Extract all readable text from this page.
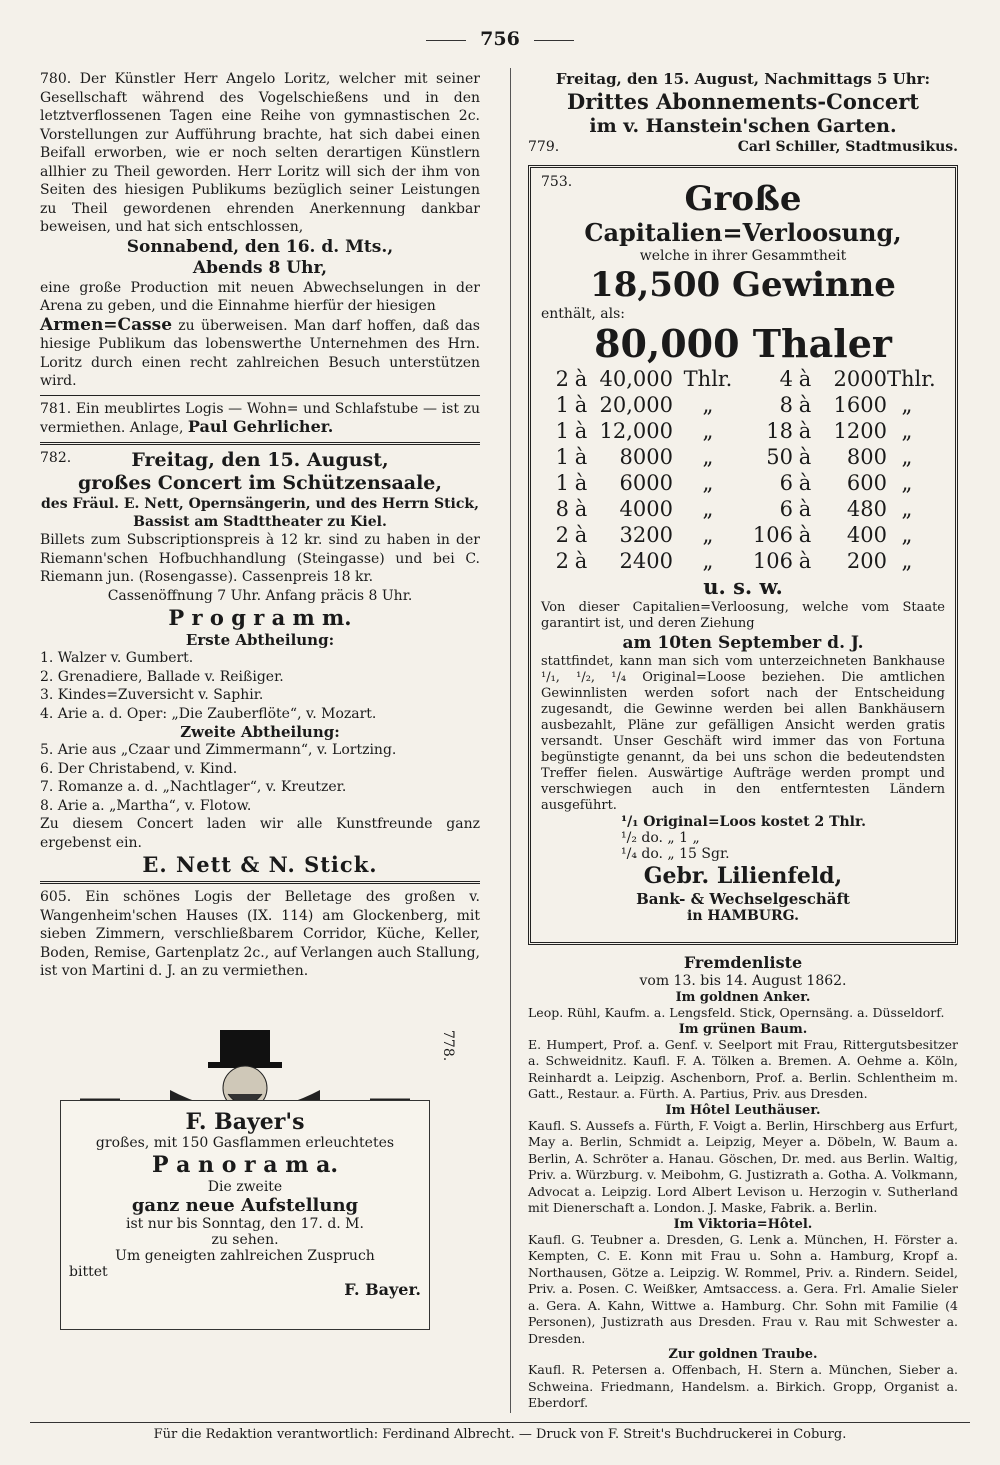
756

780. Der Künstler Herr Angelo Loritz, welcher mit seiner Gesellschaft während des Vogelschießens und in den letztverflossenen Tagen eine Reihe von gymnastischen 2c. Vorstellungen zur Aufführung brachte, hat sich dabei einen Beifall erworben, wie er noch selten derartigen Künstlern allhier zu Theil geworden. Herr Loritz will sich der ihm von Seiten des hiesigen Publikums bezüglich seiner Leistungen zu Theil gewordenen ehrenden Anerkennung dankbar beweisen, und hat sich entschlossen,

Sonnabend, den 16. d. Mts.,

Abends 8 Uhr,

eine große Production mit neuen Abwechselungen in der Arena zu geben, und die Einnahme hierfür der hiesigen

Armen=Casse zu überweisen. Man darf hoffen, daß das hiesige Publikum das lobenswerthe Unternehmen des Hrn. Loritz durch einen recht zahlreichen Besuch unterstützen wird.

781. Ein meublirtes Logis — Wohn= und Schlafstube — ist zu vermiethen. Anlage, Paul Gehrlicher.

782.	Freitag, den 15. August,

großes Concert im Schützensaale,

des Fräul. E. Nett, Opernsängerin, und des Herrn Stick, Bassist am Stadttheater zu Kiel.

Billets zum Subscriptionspreis à 12 kr. sind zu haben in der Riemann'schen Hofbuchhandlung (Steingasse) und bei C. Riemann jun. (Rosengasse). Cassenpreis 18 kr.

Cassenöffnung 7 Uhr. Anfang präcis 8 Uhr.

P r o g r a m m.

Erste Abtheilung:

1. Walzer v. Gumbert.

2. Grenadiere, Ballade v. Reißiger.

3. Kindes=Zuversicht v. Saphir.

4. Arie a. d. Oper: „Die Zauberflöte“, v. Mozart.

Zweite Abtheilung:

5. Arie aus „Czaar und Zimmermann“, v. Lortzing.

6. Der Christabend, v. Kind.

7. Romanze a. d. „Nachtlager“, v. Kreutzer.

8. Arie a. „Martha“, v. Flotow.

Zu diesem Concert laden wir alle Kunstfreunde ganz ergebenst ein.

E. Nett & N. Stick.

605. Ein schönes Logis der Belletage des großen v. Wangenheim'schen Hauses (IX. 114) am Glockenberg, mit sieben Zimmern, verschließbarem Corridor, Küche, Keller, Boden, Remise, Gartenplatz 2c., auf Verlangen auch Stallung, ist von Martini d. J. an zu vermiethen.

778.

F. Bayer's

großes, mit 150 Gasflammen erleuchtetes

P a n o r a m a.

Die zweite

ganz neue Aufstellung

ist nur bis Sonntag, den 17. d. M.

zu sehen.

Um geneigten zahlreichen Zuspruch

bittet

F. Bayer.

Freitag, den 15. August, Nachmittags 5 Uhr:

Drittes Abonnements-Concert

im v. Hanstein'schen Garten.

779.	Carl Schiller, Stadtmusikus.

753.	Große

Capitalien=Verloosung,

welche in ihrer Gesammtheit

18,500 Gewinne

enthält, als:

80,000 Thaler

2 à 40,000 Thlr.	4 à	2000 Thlr.
1 à 20,000	„	8 à	1600 „
1 à 12,000	„	18 à	1200 „
1 à	8000	„	50 à	800 „
1 à	6000	„	6 à	600 „
8 à	4000	„	6 à	480 „
2 à	3200	„	106 à	400 „
2 à	2400	„	106 à	200 „

u. s. w.

Von dieser Capitalien=Verloosung, welche vom Staate garantirt ist, und deren Ziehung

am 10ten September d. J.

stattfindet, kann man sich vom unterzeichneten Bankhause ¹/₁, ¹/₂, ¹/₄ Original=Loose beziehen. Die amtlichen Gewinnlisten werden sofort nach der Entscheidung zugesandt, die Gewinne werden bei allen Bankhäusern ausbezahlt, Pläne zur gefälligen Ansicht werden gratis versandt. Unser Geschäft wird immer das von Fortuna begünstigte genannt, da bei uns schon die bedeutendsten Treffer fielen. Auswärtige Aufträge werden prompt und verschwiegen auch in den entferntesten Ländern ausgeführt.

¹/₁ Original=Loos kostet 2 Thlr.

¹/₂ do. „ 1 „

¹/₄ do. „ 15 Sgr.

Gebr. Lilienfeld,

Bank- & Wechselgeschäft

in HAMBURG.

Fremdenliste

vom 13. bis 14. August 1862.

Im goldnen Anker.

Leop. Rühl, Kaufm. a. Lengsfeld. Stick, Opernsäng. a. Düsseldorf.

Im grünen Baum.

E. Humpert, Prof. a. Genf. v. Seelport mit Frau, Rittergutsbesitzer a. Schweidnitz. Kaufl. F. A. Tölken a. Bremen. A. Oehme a. Köln, Reinhardt a. Leipzig. Aschenborn, Prof. a. Berlin. Schlentheim m. Gatt., Restaur. a. Fürth. A. Partius, Priv. aus Dresden.

Im Hôtel Leuthäuser.

Kaufl. S. Aussefs a. Fürth, F. Voigt a. Berlin, Hirschberg aus Erfurt, May a. Berlin, Schmidt a. Leipzig, Meyer a. Döbeln, W. Baum a. Berlin, A. Schröter a. Hanau. Göschen, Dr. med. aus Berlin. Waltig, Priv. a. Würzburg. v. Meibohm, G. Justizrath a. Gotha. A. Volkmann, Advocat a. Leipzig. Lord Albert Levison u. Herzogin v. Sutherland mit Dienerschaft a. London. J. Maske, Fabrik. a. Berlin.

Im Viktoria=Hôtel.

Kaufl. G. Teubner a. Dresden, G. Lenk a. München, H. Förster a. Kempten, C. E. Konn mit Frau u. Sohn a. Hamburg, Kropf a. Northausen, Götze a. Leipzig. W. Rommel, Priv. a. Rindern. Seidel, Priv. a. Posen. C. Weißker, Amtsaccess. a. Gera. Frl. Amalie Sieler a. Gera. A. Kahn, Wittwe a. Hamburg. Chr. Sohn mit Familie (4 Personen), Justizrath aus Dresden. Frau v. Rau mit Schwester a. Dresden.

Zur goldnen Traube.

Kaufl. R. Petersen a. Offenbach, H. Stern a. München, Sieber a. Schweina. Friedmann, Handelsm. a. Birkich. Gropp, Organist a. Eberdorf.

Für die Redaktion verantwortlich: Ferdinand Albrecht. — Druck von F. Streit's Buchdruckerei in Coburg.
